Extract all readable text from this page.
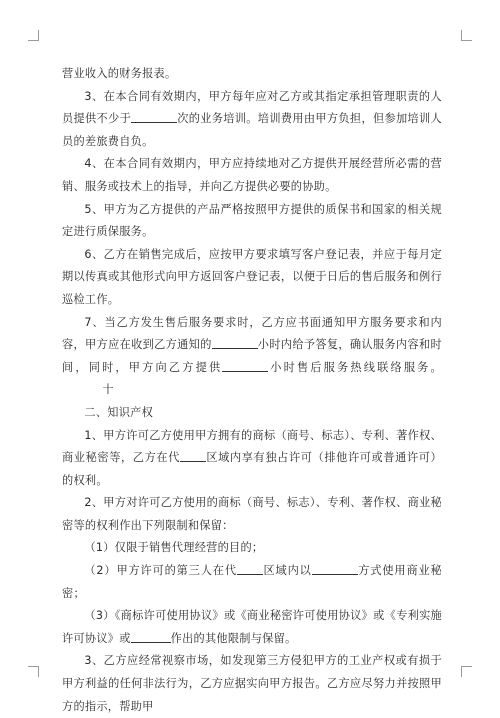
营业收入的财务报表。

3、在本合同有效期内，甲方每年应对乙方或其指定承担管理职责的人员提供不少于	次的业务培训。培训费用由甲方负担，但参加培训人员的差旅费自负。

4、在本合同有效期内，甲方应持续地对乙方提供开展经营所必需的营销、服务或技术上的指导，并向乙方提供必要的协助。

5、甲方为乙方提供的产品严格按照甲方提供的质保书和国家的相关规定进行质保服务。

6、乙方在销售完成后，应按甲方要求填写客户登记表，并应于每月定期以传真或其他形式向甲方返回客户登记表，以便于日后的售后服务和例行巡检工作。

7、当乙方发生售后服务要求时，乙方应书面通知甲方服务要求和内容，甲方应在收到乙方通知的	小时内给予答复，确认服务内容和时间，同时，甲方向乙方提供	小时售后服务热线联络服务。十

二、知识产权

1、甲方许可乙方使用甲方拥有的商标（商号、标志）、专利、著作权、商业秘密等，乙方在代 区域内享有独占许可（排他许可或普通许可）的权利。

2、甲方对许可乙方使用的商标（商号、标志）、专利、著作权、商业秘密等的权利作出下列限制和保留：

（1）仅限于销售代理经营的目的；

（2）甲方许可的第三人在代 区域内以	方式使用商业秘密；

（3）《商标许可使用协议》或《商业秘密许可使用协议》或《专利实施许可协议》或	作出的其他限制与保留。

3、乙方应经常视察市场，如发现第三方侵犯甲方的工业产权或有损于甲方利益的任何非法行为，乙方应据实向甲方报告。乙方应尽努力并按照甲方的指示，帮助甲
